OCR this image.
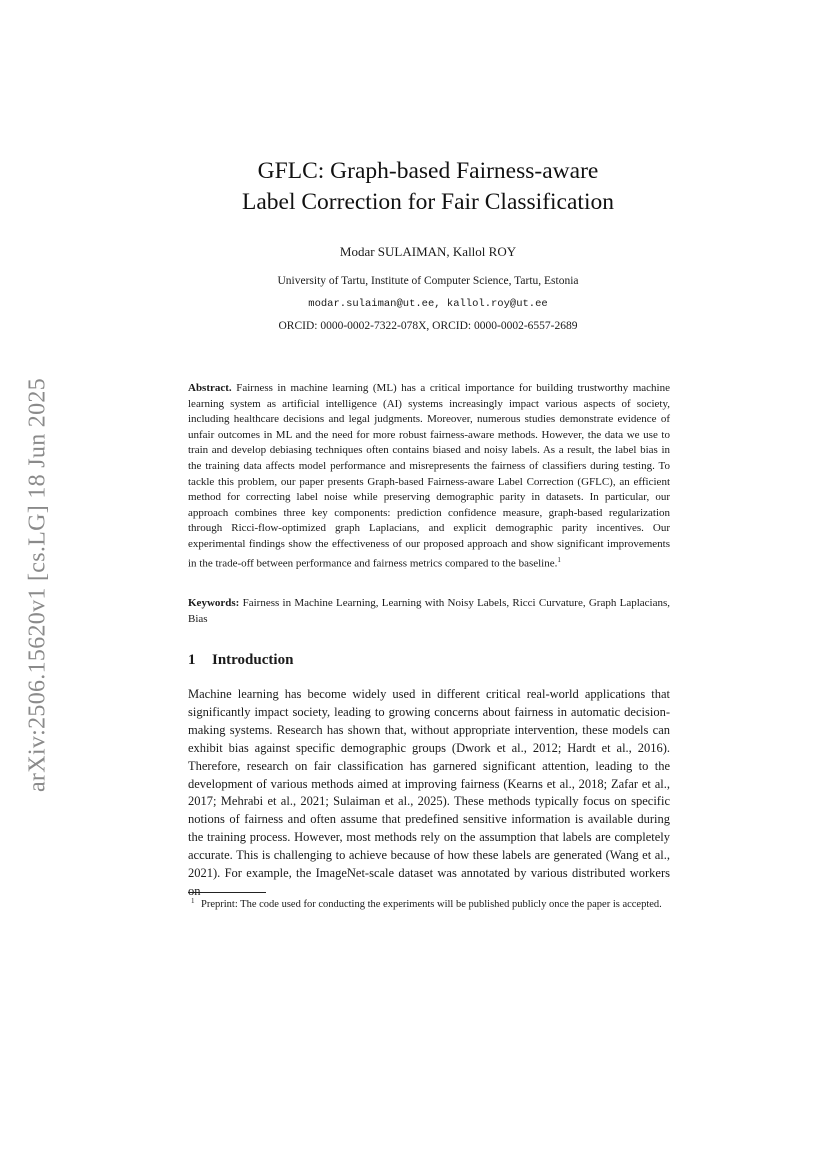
arXiv:2506.15620v1 [cs.LG] 18 Jun 2025
GFLC: Graph-based Fairness-aware
Label Correction for Fair Classification
Modar SULAIMAN, Kallol ROY
University of Tartu, Institute of Computer Science, Tartu, Estonia
modar.sulaiman@ut.ee, kallol.roy@ut.ee
ORCID: 0000-0002-7322-078X, ORCID: 0000-0002-6557-2689

Abstract. Fairness in machine learning (ML) has a critical importance for building trustworthy machine learning system as artificial intelligence (AI) systems increasingly impact various aspects of society, including healthcare decisions and legal judgments. Moreover, numerous studies demonstrate evidence of unfair outcomes in ML and the need for more robust fairness-aware methods. However, the data we use to train and develop debiasing techniques often contains biased and noisy labels. As a result, the label bias in the training data affects model performance and misrepresents the fairness of classifiers during testing. To tackle this problem, our paper presents Graph-based Fairness-aware Label Correction (GFLC), an efficient method for correcting label noise while preserving demographic parity in datasets. In particular, our approach combines three key components: prediction confidence measure, graph-based regularization through Ricci-flow-optimized graph Laplacians, and explicit demographic parity incentives. Our experimental findings show the effectiveness of our proposed approach and show significant improvements in the trade-off between performance and fairness metrics compared to the baseline.$^1$

Keywords: Fairness in Machine Learning, Learning with Noisy Labels, Ricci Curvature, Graph Laplacians, Bias

1 Introduction

Machine learning has become widely used in different critical real-world applications that significantly impact society, leading to growing concerns about fairness in automatic decision-making systems. Research has shown that, without appropriate intervention, these models can exhibit bias against specific demographic groups (Dwork et al., 2012; Hardt et al., 2016). Therefore, research on fair classification has garnered significant attention, leading to the development of various methods aimed at improving fairness (Kearns et al., 2018; Zafar et al., 2017; Mehrabi et al., 2021; Sulaiman et al., 2025). These methods typically focus on specific notions of fairness and often assume that predefined sensitive information is available during the training process. However, most methods rely on the assumption that labels are completely accurate. This is challenging to achieve because of how these labels are generated (Wang et al., 2021). For example, the ImageNet-scale dataset was annotated by various distributed workers on

1 Preprint: The code used for conducting the experiments will be published publicly once the paper is accepted.
